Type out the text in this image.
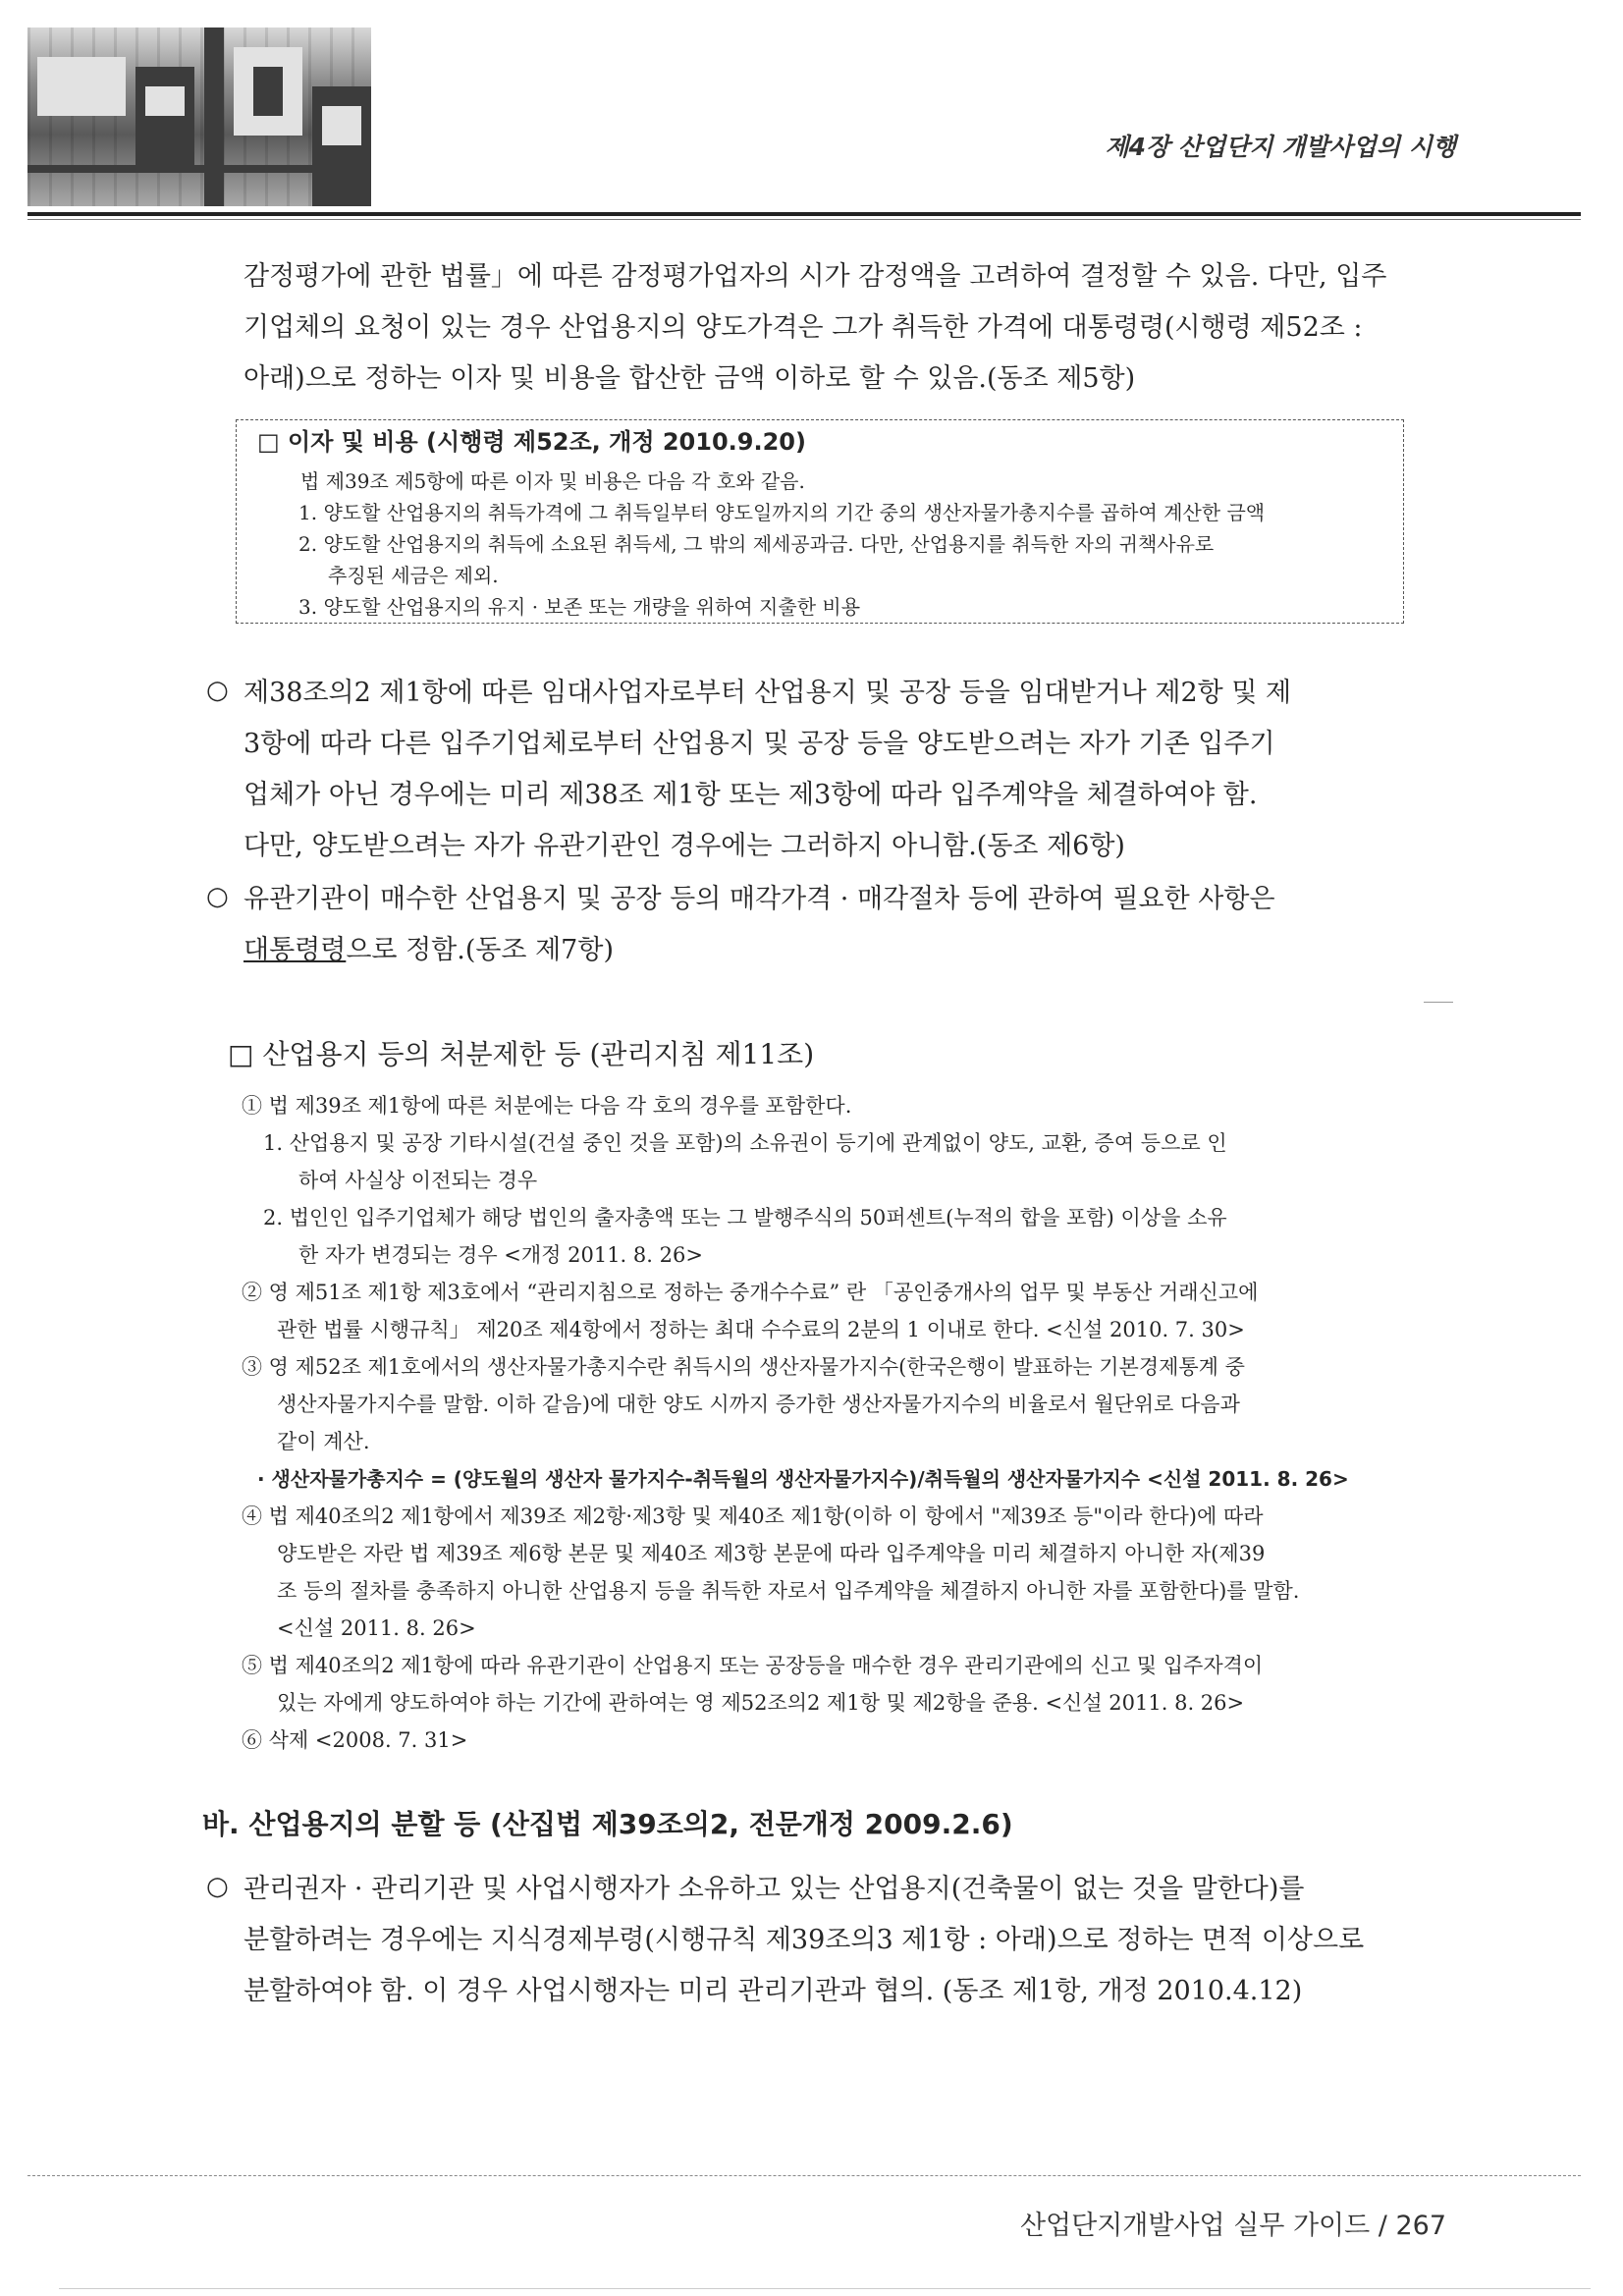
제4장 산업단지 개발사업의 시행

감정평가에 관한 법률」에 따른 감정평가업자의 시가 감정액을 고려하여 결정할 수 있음. 다만, 입주

기업체의 요청이 있는 경우 산업용지의 양도가격은 그가 취득한 가격에 대통령령(시행령 제52조 :

아래)으로 정하는 이자 및 비용을 합산한 금액 이하로 할 수 있음.(동조 제5항)

□ 이자 및 비용 (시행령 제52조, 개정 2010.9.20)
법 제39조 제5항에 따른 이자 및 비용은 다음 각 호와 같음.
1. 양도할 산업용지의 취득가격에 그 취득일부터 양도일까지의 기간 중의 생산자물가총지수를 곱하여 계산한 금액
2. 양도할 산업용지의 취득에 소요된 취득세, 그 밖의 제세공과금. 다만, 산업용지를 취득한 자의 귀책사유로
추징된 세금은 제외.
3. 양도할 산업용지의 유지 · 보존 또는 개량을 위하여 지출한 비용
○ 제38조의2 제1항에 따른 임대사업자로부터 산업용지 및 공장 등을 임대받거나 제2항 및 제

3항에 따라 다른 입주기업체로부터 산업용지 및 공장 등을 양도받으려는 자가 기존 입주기

업체가 아닌 경우에는 미리 제38조 제1항 또는 제3항에 따라 입주계약을 체결하여야 함.

다만, 양도받으려는 자가 유관기관인 경우에는 그러하지 아니함.(동조 제6항)

○ 유관기관이 매수한 산업용지 및 공장 등의 매각가격 · 매각절차 등에 관하여 필요한 사항은

대통령령으로 정함.(동조 제7항)

□ 산업용지 등의 처분제한 등 (관리지침 제11조)
① 법 제39조 제1항에 따른 처분에는 다음 각 호의 경우를 포함한다.
1. 산업용지 및 공장 기타시설(건설 중인 것을 포함)의 소유권이 등기에 관계없이 양도, 교환, 증여 등으로 인
하여 사실상 이전되는 경우
2. 법인인 입주기업체가 해당 법인의 출자총액 또는 그 발행주식의 50퍼센트(누적의 합을 포함) 이상을 소유
한 자가 변경되는 경우 <개정 2011. 8. 26>
② 영 제51조 제1항 제3호에서 “관리지침으로 정하는 중개수수료” 란 「공인중개사의 업무 및 부동산 거래신고에
관한 법률 시행규칙」 제20조 제4항에서 정하는 최대 수수료의 2분의 1 이내로 한다. <신설 2010. 7. 30>
③ 영 제52조 제1호에서의 생산자물가총지수란 취득시의 생산자물가지수(한국은행이 발표하는 기본경제통계 중
생산자물가지수를 말함. 이하 같음)에 대한 양도 시까지 증가한 생산자물가지수의 비율로서 월단위로 다음과
같이 계산.
· 생산자물가총지수 = (양도월의 생산자 물가지수-취득월의 생산자물가지수)/취득월의 생산자물가지수 <신설 2011. 8. 26>
④ 법 제40조의2 제1항에서 제39조 제2항·제3항 및 제40조 제1항(이하 이 항에서 "제39조 등"이라 한다)에 따라
양도받은 자란 법 제39조 제6항 본문 및 제40조 제3항 본문에 따라 입주계약을 미리 체결하지 아니한 자(제39
조 등의 절차를 충족하지 아니한 산업용지 등을 취득한 자로서 입주계약을 체결하지 아니한 자를 포함한다)를 말함.
<신설 2011. 8. 26>
⑤ 법 제40조의2 제1항에 따라 유관기관이 산업용지 또는 공장등을 매수한 경우 관리기관에의 신고 및 입주자격이
있는 자에게 양도하여야 하는 기간에 관하여는 영 제52조의2 제1항 및 제2항을 준용. <신설 2011. 8. 26>
⑥ 삭제 <2008. 7. 31>
바. 산업용지의 분할 등 (산집법 제39조의2, 전문개정 2009.2.6)
○ 관리권자 · 관리기관 및 사업시행자가 소유하고 있는 산업용지(건축물이 없는 것을 말한다)를

분할하려는 경우에는 지식경제부령(시행규칙 제39조의3 제1항 : 아래)으로 정하는 면적 이상으로

분할하여야 함. 이 경우 사업시행자는 미리 관리기관과 협의. (동조 제1항, 개정 2010.4.12)

산업단지개발사업 실무 가이드 / 267
